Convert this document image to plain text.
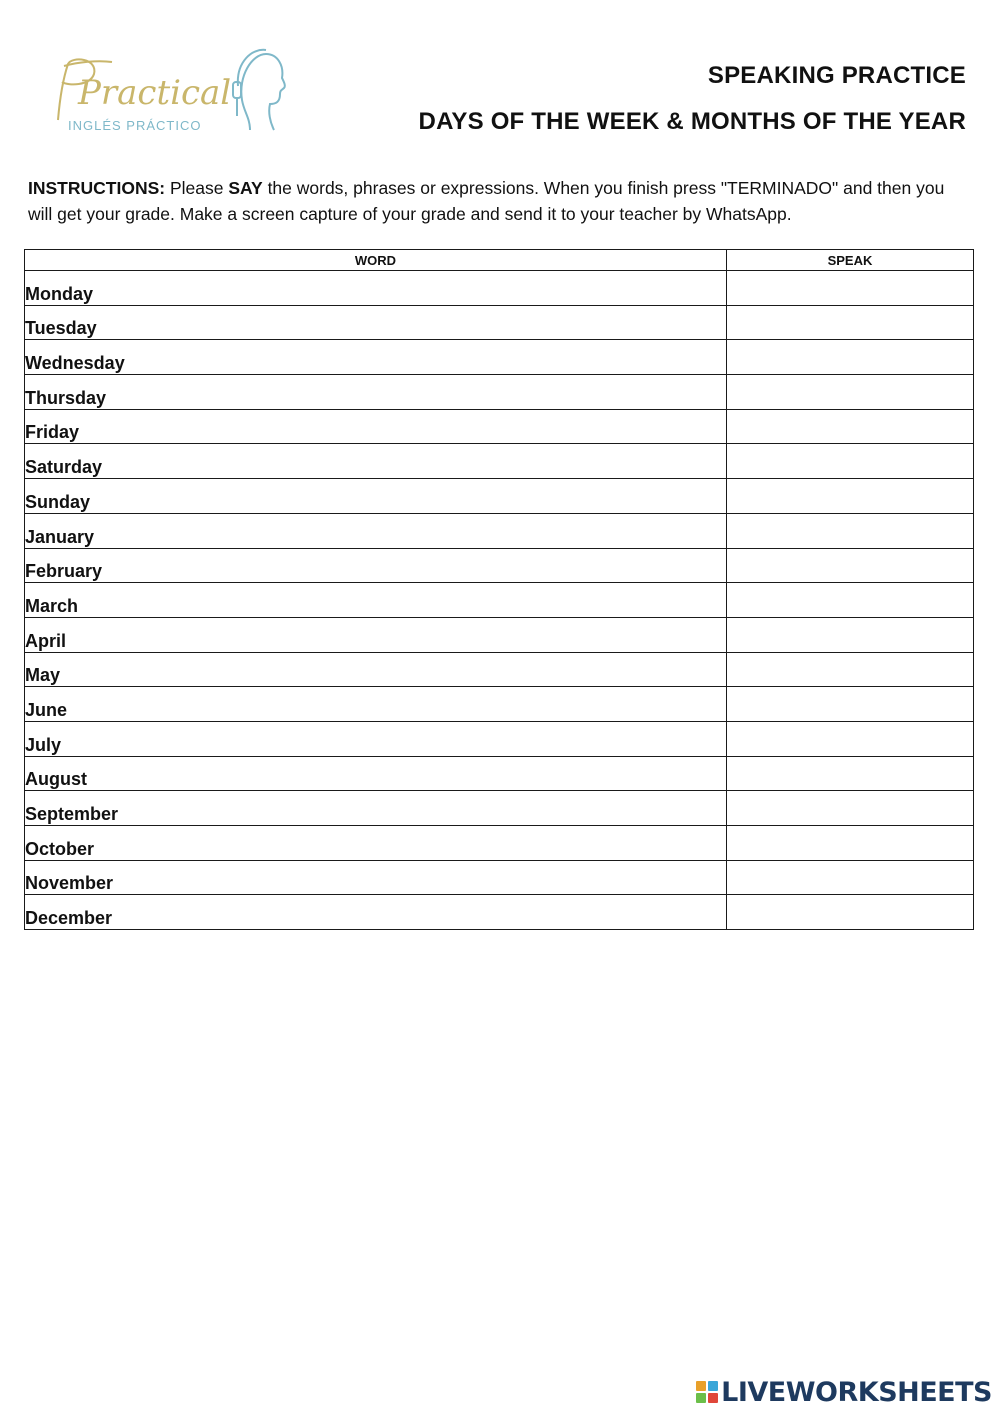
Practical
INGLÉS PRÁCTICO
SPEAKING PRACTICE
DAYS OF THE WEEK & MONTHS OF THE YEAR
INSTRUCTIONS: Please SAY the words, phrases or expressions. When you finish press "TERMINADO" and then you will get your grade. Make a screen capture of your grade and send it to your teacher by WhatsApp.
WORD	SPEAK
Monday	
Tuesday	
Wednesday	
Thursday	
Friday	
Saturday	
Sunday	
January	
February	
March	
April	
May	
June	
July	
August	
September	
October	
November	
December	
LIVEWORKSHEETS
